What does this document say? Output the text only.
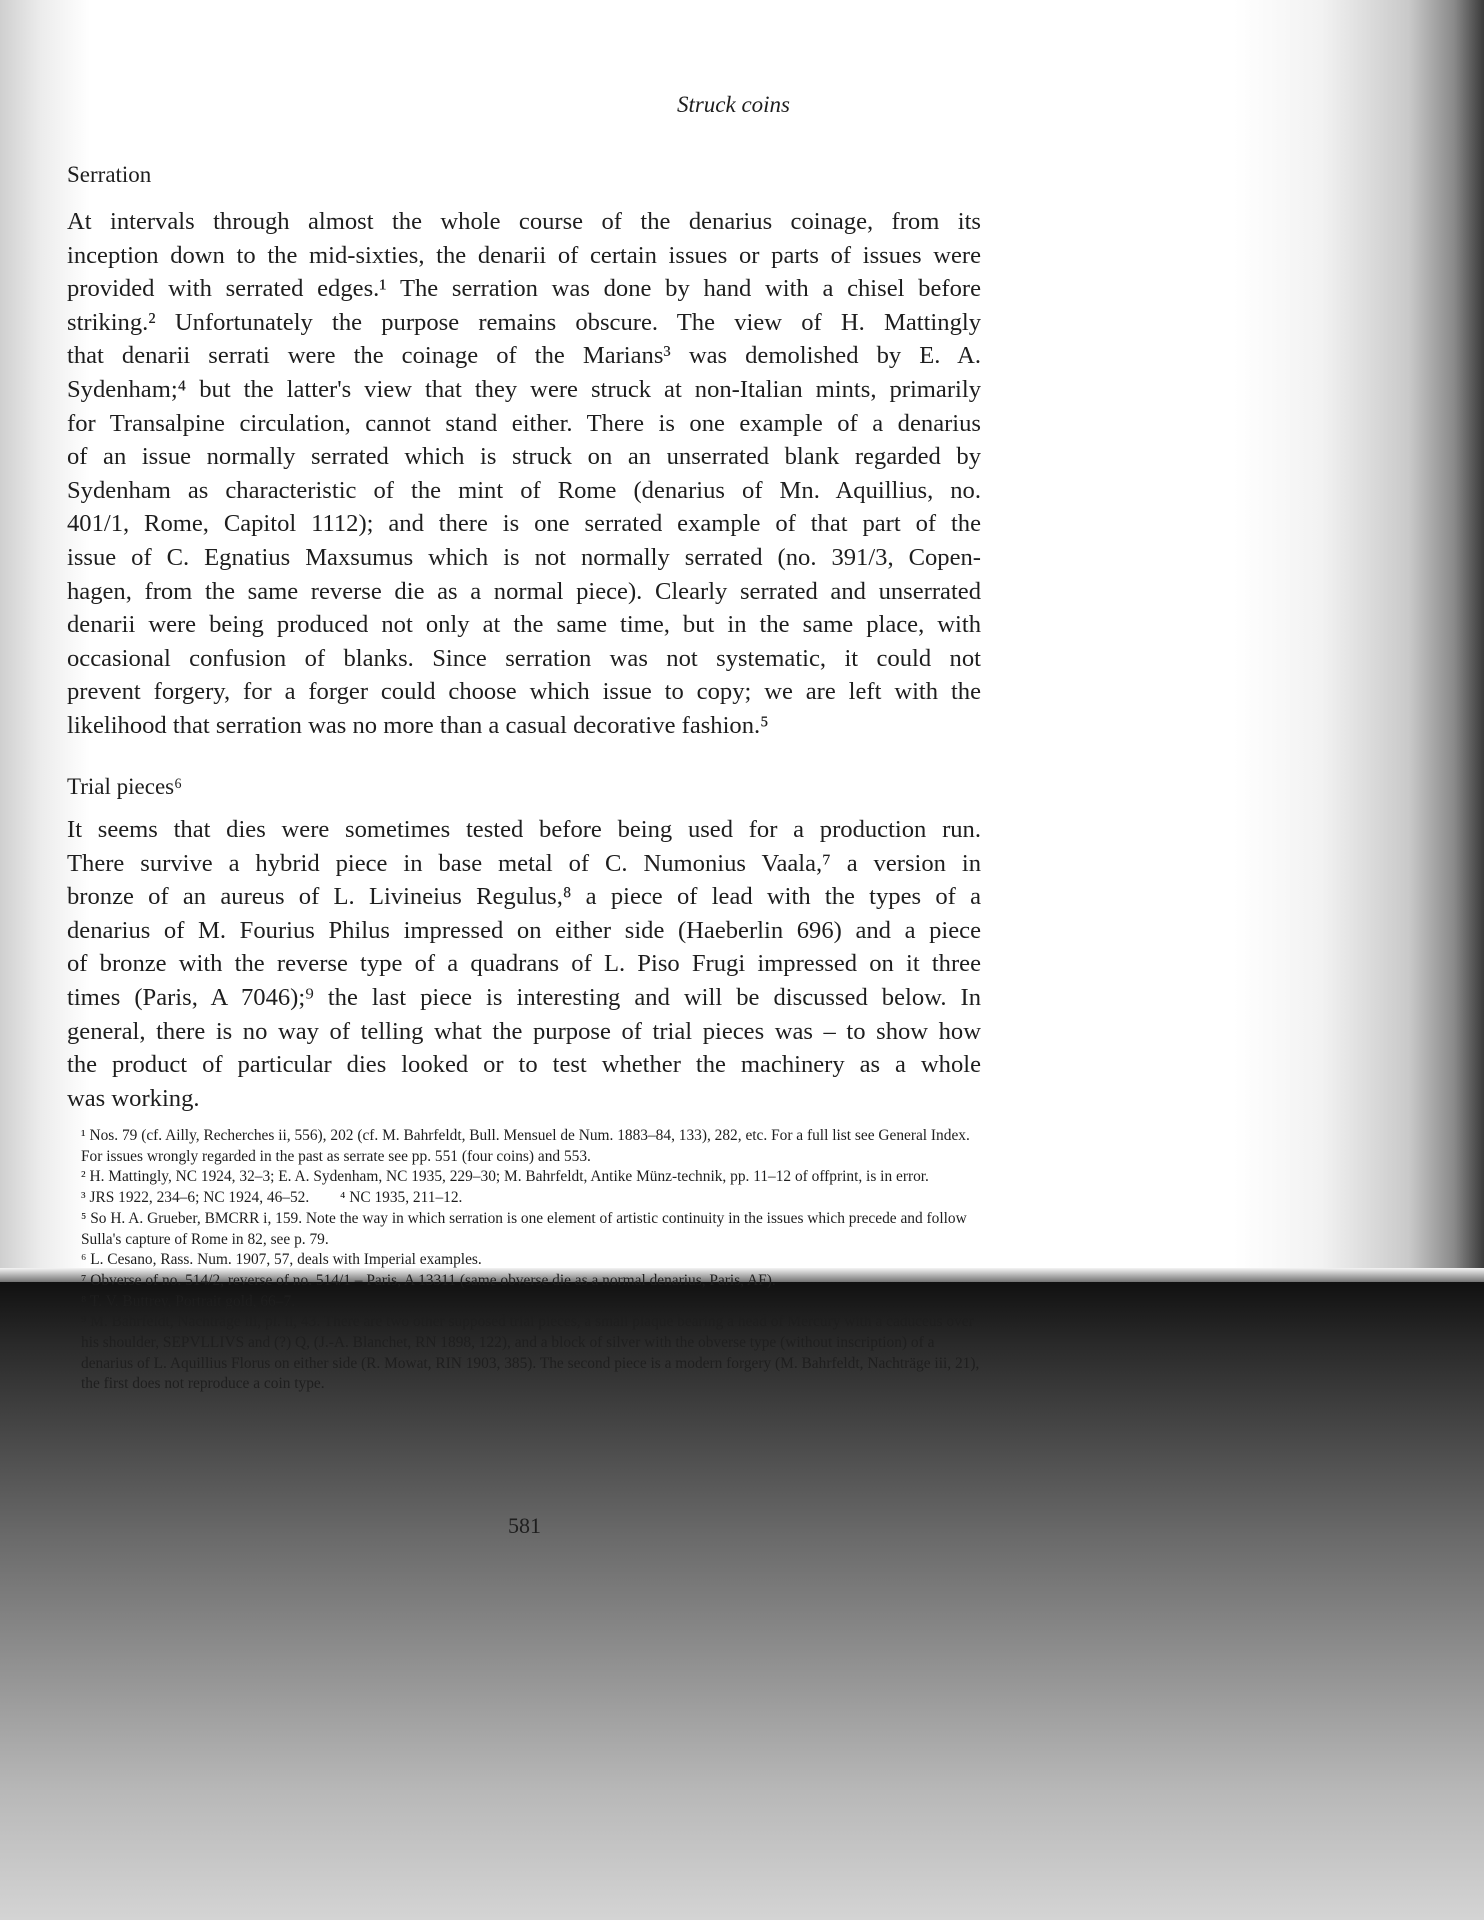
Struck coins
Serration
At intervals through almost the whole course of the denarius coinage, from its
inception down to the mid-sixties, the denarii of certain issues or parts of issues were
provided with serrated edges.¹ The serration was done by hand with a chisel before
striking.² Unfortunately the purpose remains obscure. The view of H. Mattingly
that denarii serrati were the coinage of the Marians³ was demolished by E. A.
Sydenham;⁴ but the latter's view that they were struck at non-Italian mints, primarily
for Transalpine circulation, cannot stand either. There is one example of a denarius
of an issue normally serrated which is struck on an unserrated blank regarded by
Sydenham as characteristic of the mint of Rome (denarius of Mn. Aquillius, no.
401/1, Rome, Capitol 1112); and there is one serrated example of that part of the
issue of C. Egnatius Maxsumus which is not normally serrated (no. 391/3, Copen-
hagen, from the same reverse die as a normal piece). Clearly serrated and unserrated
denarii were being produced not only at the same time, but in the same place, with
occasional confusion of blanks. Since serration was not systematic, it could not
prevent forgery, for a forger could choose which issue to copy; we are left with the
likelihood that serration was no more than a casual decorative fashion.⁵
Trial pieces⁶
It seems that dies were sometimes tested before being used for a production run.
There survive a hybrid piece in base metal of C. Numonius Vaala,⁷ a version in
bronze of an aureus of L. Livineius Regulus,⁸ a piece of lead with the types of a
denarius of M. Fourius Philus impressed on either side (Haeberlin 696) and a piece
of bronze with the reverse type of a quadrans of L. Piso Frugi impressed on it three
times (Paris, A 7046);⁹ the last piece is interesting and will be discussed below. In
general, there is no way of telling what the purpose of trial pieces was – to show how
the product of particular dies looked or to test whether the machinery as a whole
was working.
¹ Nos. 79 (cf. Ailly, Recherches ii, 556), 202 (cf. M. Bahrfeldt, Bull. Mensuel de Num. 1883–84, 133), 282, etc. For a full list see General Index. For issues wrongly regarded in the past as serrate see pp. 551 (four coins) and 553.
² H. Mattingly, NC 1924, 32–3; E. A. Sydenham, NC 1935, 229–30; M. Bahrfeldt, Antike Münz-technik, pp. 11–12 of offprint, is in error.
³ JRS 1922, 234–6; NC 1924, 46–52.        ⁴ NC 1935, 211–12.
⁵ So H. A. Grueber, BMCRR i, 159. Note the way in which serration is one element of artistic continuity in the issues which precede and follow Sulla's capture of Rome in 82, see p. 79.
⁶ L. Cesano, Rass. Num. 1907, 57, deals with Imperial examples.
⁷ Obverse of no. 514/2, reverse of no. 514/1 – Paris, A 13311 (same obverse die as a normal denarius, Paris, AF).
⁸ T. V. Buttrey, Portrait gold, 66–7.
⁹ M. Bahrfeldt, Nachträge iii, pl. ii, 43. There are two other supposed trial pieces, a small plaque bearing a head of Mercury with a caduceus over his shoulder, SEPVLLIVS and (?) Q, (J.-A. Blanchet, RN 1898, 122), and a block of silver with the obverse type (without inscription) of a denarius of L. Aquillius Florus on either side (R. Mowat, RIN 1903, 385). The second piece is a modern forgery (M. Bahrfeldt, Nachträge iii, 21), the first does not reproduce a coin type.
581
